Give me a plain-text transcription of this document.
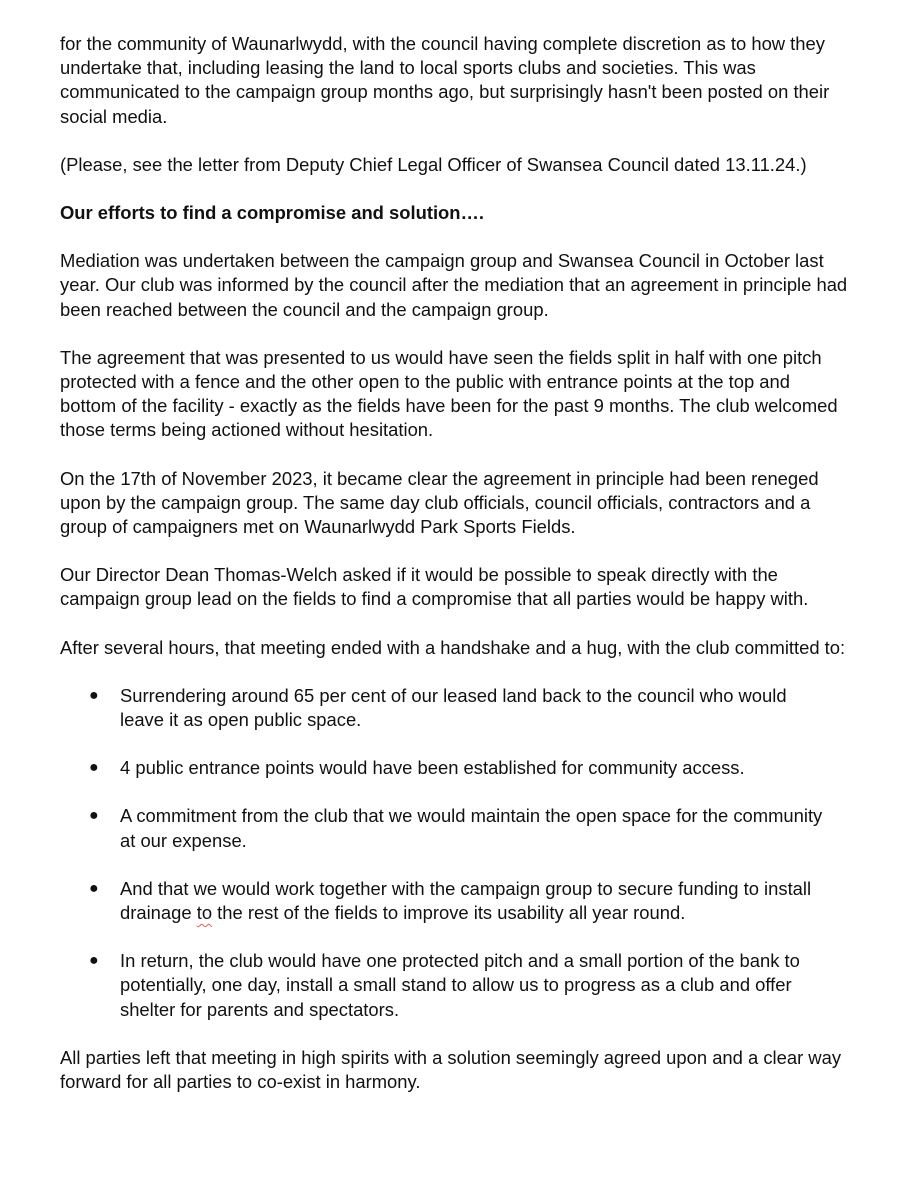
for the community of Waunarlwydd, with the council having complete discretion as to how they undertake that, including leasing the land to local sports clubs and societies. This was communicated to the campaign group months ago, but surprisingly hasn't been posted on their social media.

(Please, see the letter from Deputy Chief Legal Officer of Swansea Council dated 13.11.24.)

Our efforts to find a compromise and solution….

Mediation was undertaken between the campaign group and Swansea Council in October last year. Our club was informed by the council after the mediation that an agreement in principle had been reached between the council and the campaign group.

The agreement that was presented to us would have seen the fields split in half with one pitch protected with a fence and the other open to the public with entrance points at the top and bottom of the facility - exactly as the fields have been for the past 9 months. The club welcomed those terms being actioned without hesitation.

On the 17th of November 2023, it became clear the agreement in principle had been reneged upon by the campaign group. The same day club officials, council officials, contractors and a group of campaigners met on Waunarlwydd Park Sports Fields.

Our Director Dean Thomas-Welch asked if it would be possible to speak directly with the campaign group lead on the fields to find a compromise that all parties would be happy with.

After several hours, that meeting ended with a handshake and a hug, with the club committed to:

● Surrendering around 65 per cent of our leased land back to the council who would leave it as open public space.
● 4 public entrance points would have been established for community access.
● A commitment from the club that we would maintain the open space for the community at our expense.
● And that we would work together with the campaign group to secure funding to install drainage to the rest of the fields to improve its usability all year round.
● In return, the club would have one protected pitch and a small portion of the bank to potentially, one day, install a small stand to allow us to progress as a club and offer shelter for parents and spectators.

All parties left that meeting in high spirits with a solution seemingly agreed upon and a clear way forward for all parties to co-exist in harmony.
